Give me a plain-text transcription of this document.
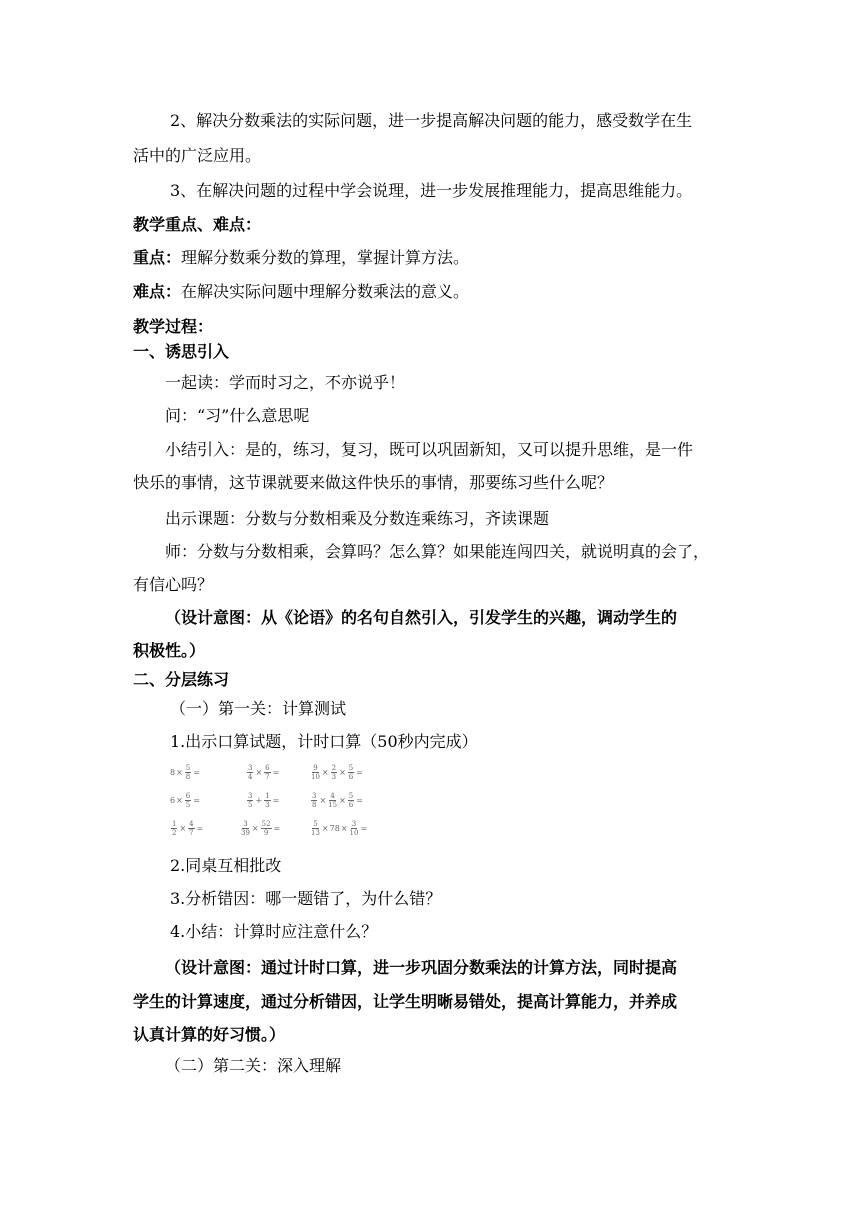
2、解决分数乘法的实际问题，进一步提高解决问题的能力，感受数学在生
活中的广泛应用。
3、在解决问题的过程中学会说理，进一步发展推理能力，提高思维能力。
教学重点、难点：
重点：理解分数乘分数的算理，掌握计算方法。
难点：在解决实际问题中理解分数乘法的意义。
教学过程：
一、诱思引入
一起读：学而时习之，不亦说乎！
问：“习”什么意思呢
小结引入：是的，练习，复习，既可以巩固新知，又可以提升思维，是一件
快乐的事情，这节课就要来做这件快乐的事情，那要练习些什么呢？
出示课题：分数与分数相乘及分数连乘练习，齐读课题
师：分数与分数相乘，会算吗？怎么算？如果能连闯四关，就说明真的会了，
有信心吗？
（设计意图：从《论语》的名句自然引入，引发学生的兴趣，调动学生的
积极性。）
二、分层练习
（一）第一关：计算测试
1.出示口算试题，计时口算（50秒内完成）
$8 \times \frac{5}{8}$ =	$\frac{3}{4} \times \frac{6}{7}$ =	$\frac{9}{10} \times \frac{2}{3} \times \frac{5}{6}$ =
$6 \times \frac{6}{5}$ =	$\frac{3}{5} + \frac{1}{3}$ =	$\frac{3}{8} \times \frac{4}{15} \times \frac{5}{6}$ =
$\frac{1}{2} \times \frac{4}{7}$ =	$\frac{3}{39} \times \frac{52}{9}$ =	$\frac{5}{13} \times 78 \times \frac{3}{10}$ =
2.同桌互相批改
3.分析错因：哪一题错了，为什么错？
4.小结：计算时应注意什么？
（设计意图：通过计时口算，进一步巩固分数乘法的计算方法，同时提高
学生的计算速度，通过分析错因，让学生明晰易错处，提高计算能力，并养成
认真计算的好习惯。）
（二）第二关：深入理解
